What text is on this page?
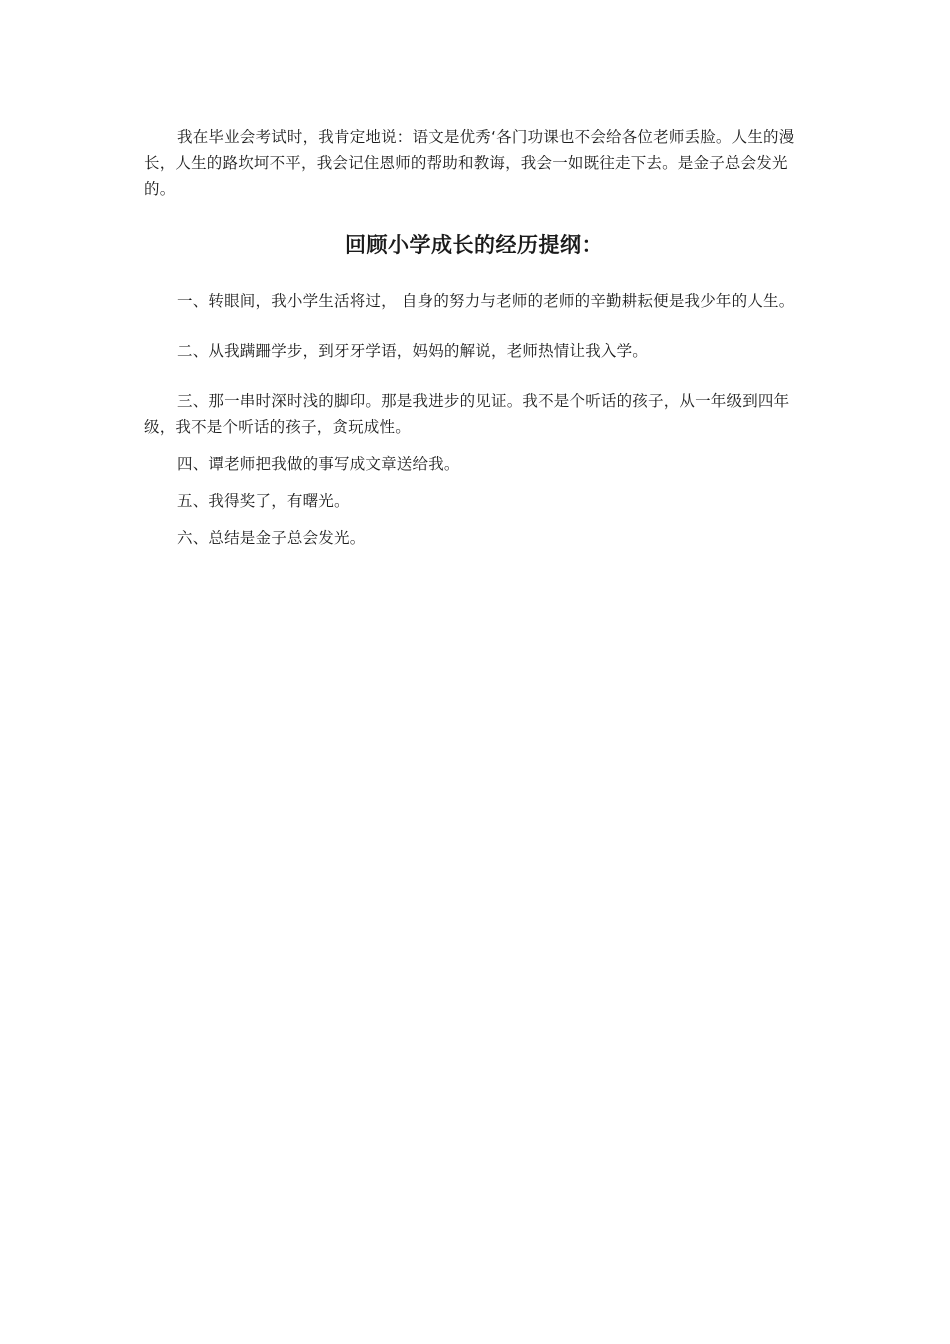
我在毕业会考试时，我肯定地说：语文是优秀‘各门功课也不会给各位老师丢脸。人生的漫长，人生的路坎坷不平，我会记住恩师的帮助和教诲，我会一如既往走下去。是金子总会发光的。

回顾小学成长的经历提纲：

一、转眼间，我小学生活将过， 自身的努力与老师的老师的辛勤耕耘便是我少年的人生。

二、从我蹒跚学步，到牙牙学语，妈妈的解说，老师热情让我入学。

三、那一串时深时浅的脚印。那是我进步的见证。我不是个听话的孩子，从一年级到四年级，我不是个听话的孩子，贪玩成性。

四、谭老师把我做的事写成文章送给我。

五、我得奖了，有曙光。

六、总结是金子总会发光。
